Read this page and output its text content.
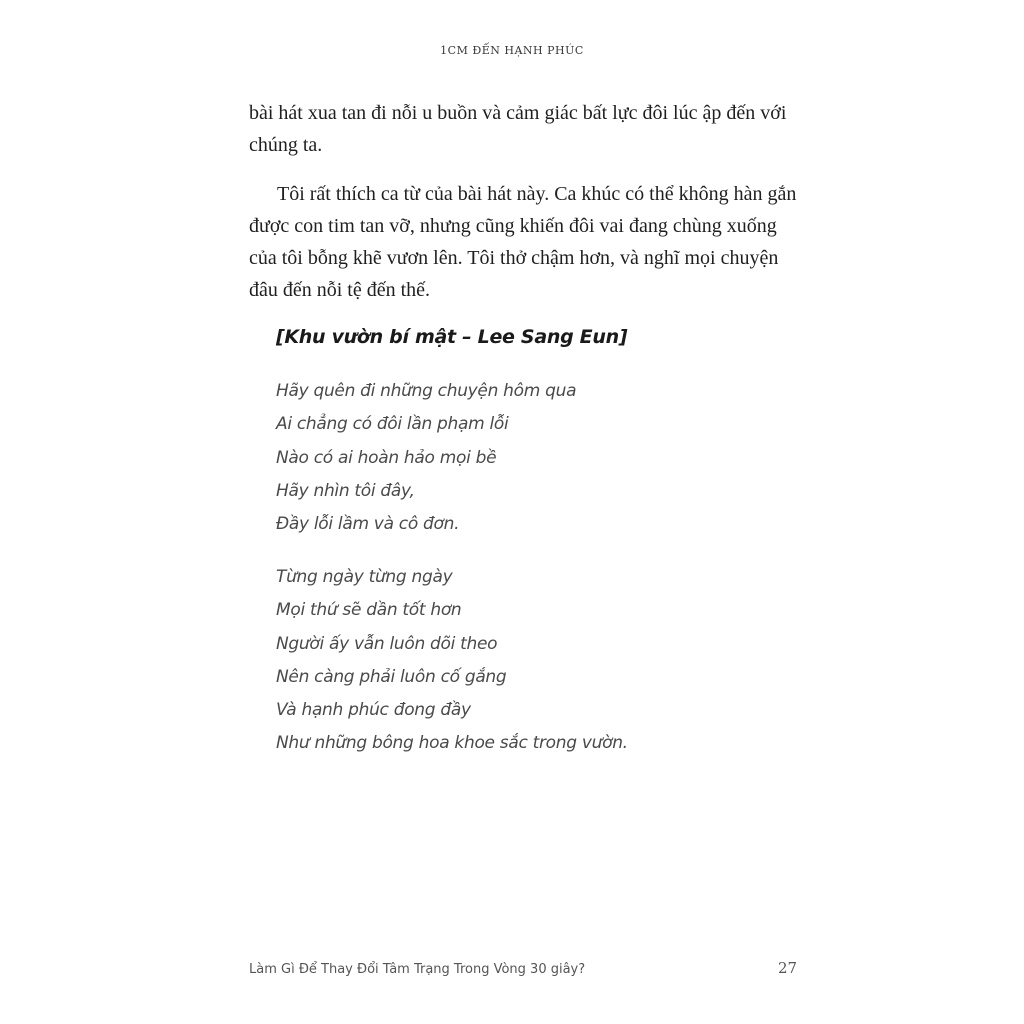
1CM ĐẾN HẠNH PHÚC

bài hát xua tan đi nỗi u buồn và cảm giác bất lực đôi lúc ập đến với chúng ta.

Tôi rất thích ca từ của bài hát này. Ca khúc có thể không hàn gắn được con tim tan vỡ, nhưng cũng khiến đôi vai đang chùng xuống của tôi bỗng khẽ vươn lên. Tôi thở chậm hơn, và nghĩ mọi chuyện đâu đến nỗi tệ đến thế.

[Khu vườn bí mật – Lee Sang Eun]
Hãy quên đi những chuyện hôm qua
Ai chẳng có đôi lần phạm lỗi
Nào có ai hoàn hảo mọi bề
Hãy nhìn tôi đây,
Đầy lỗi lầm và cô đơn.
Từng ngày từng ngày
Mọi thứ sẽ dần tốt hơn
Người ấy vẫn luôn dõi theo
Nên càng phải luôn cố gắng
Và hạnh phúc đong đầy
Như những bông hoa khoe sắc trong vườn.
Làm Gì Để Thay Đổi Tâm Trạng Trong Vòng 30 giây?	27
